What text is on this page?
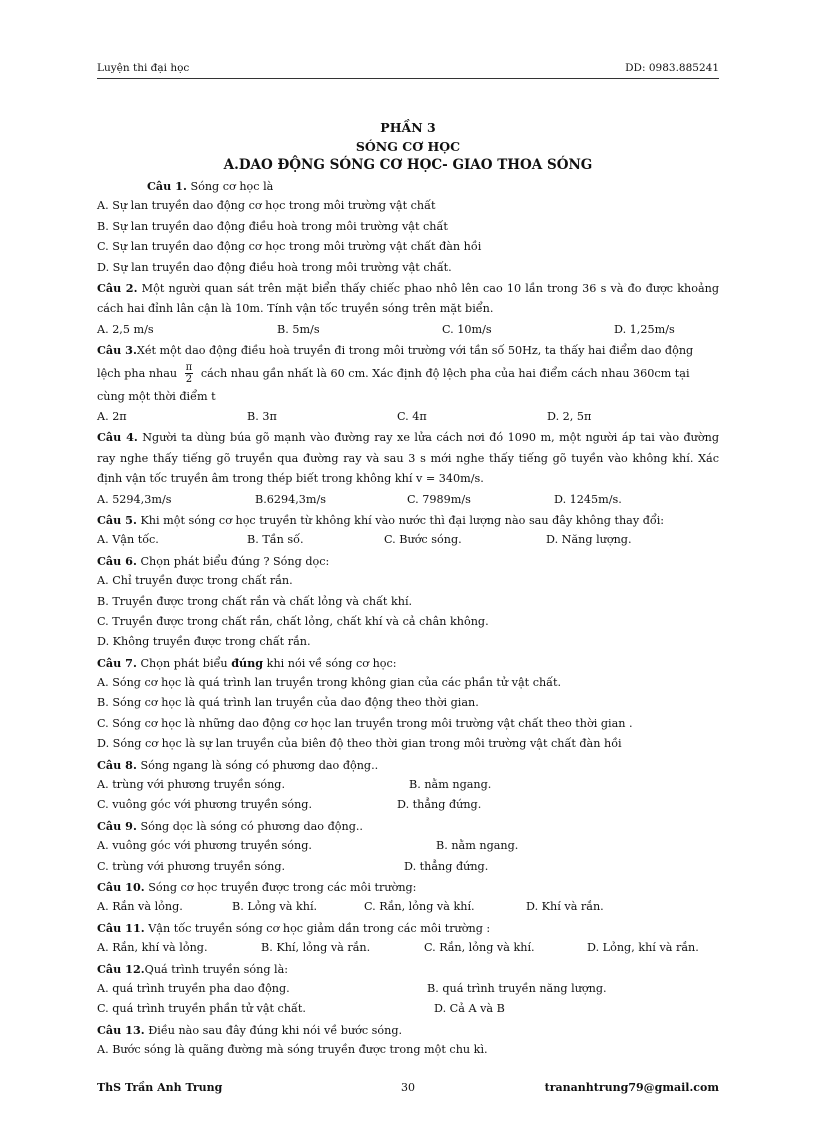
Luyện thi đại học	DD: 0983.885241
PHẦN 3
SÓNG CƠ HỌC
A.DAO ĐỘNG SÓNG CƠ HỌC- GIAO THOA SÓNG
Câu 1. Sóng cơ học là
A. Sự lan truyền dao động cơ học trong môi trường vật chất
B. Sự lan truyền dao động điều hoà trong môi trường vật chất
C. Sự lan truyền dao động cơ học trong môi trường vật chất đàn hồi
D. Sự lan truyền dao động điều hoà trong môi trường vật chất.
Câu 2. Một người quan sát trên mặt biển thấy chiếc phao nhô lên cao 10 lần trong 36 s và đo được khoảng cách hai đỉnh lân cận là 10m. Tính vận tốc truyền sóng trên mặt biển.
A. 2,5 m/s	B. 5m/s	C. 10m/s	D. 1,25m/s
Câu 3.Xét một dao động điều hoà truyền đi trong môi trường với tần số 50Hz, ta thấy hai điểm dao động
lệch pha nhau $\frac{\pi}{2}$ cách nhau gần nhất là 60 cm. Xác định độ lệch pha của hai điểm cách nhau 360cm tại
cùng một thời điểm t
A. 2π	B. 3π	C. 4π	D. 2, 5π
Câu 4. Người ta dùng búa gõ mạnh vào đường ray xe lửa cách nơi đó 1090 m, một người áp tai vào đường ray nghe thấy tiếng gõ truyền qua đường ray và sau 3 s mới nghe thấy tiếng gõ tuyền vào không khí. Xác định vận tốc truyền âm trong thép biết trong không khí v = 340m/s.
A. 5294,3m/s	B.6294,3m/s	C. 7989m/s	D. 1245m/s.
Câu 5. Khi một sóng cơ học truyền từ không khí vào nước thì đại lượng nào sau đây không thay đổi:
A. Vận tốc.	B. Tần số.	C. Bước sóng.	D. Năng lượng.
Câu 6. Chọn phát biểu đúng ? Sóng dọc:
A. Chỉ truyền được trong chất rắn.
B. Truyền được trong chất rắn và chất lỏng và chất khí.
C. Truyền được trong chất rắn, chất lỏng, chất khí và cả chân không.
D. Không truyền được trong chất rắn.
Câu 7. Chọn phát biểu đúng khi nói về sóng cơ học:
A. Sóng cơ học là quá trình lan truyền trong không gian của các phần tử vật chất.
B. Sóng cơ học là quá trình lan truyền của dao động theo thời gian.
C. Sóng cơ học là những dao động cơ học lan truyền trong môi trường vật chất theo thời gian .
D. Sóng cơ học là sự lan truyền của biên độ theo thời gian trong môi trường vật chất đàn hồi
Câu 8. Sóng ngang là sóng có phương dao động..
A. trùng với phương truyền sóng.	B. nằm ngang.
C. vuông góc với phương truyền sóng.	D. thẳng đứng.
Câu 9. Sóng dọc là sóng có phương dao động..
A. vuông góc với phương truyền sóng.	B. nằm ngang.
C. trùng với phương truyền sóng.	D. thẳng đứng.
Câu 10. Sóng cơ học truyền được trong các môi trường:
A. Rắn và lỏng.	B. Lỏng và khí.	C. Rắn, lỏng và khí.	D. Khí và rắn.
Câu 11. Vận tốc truyền sóng cơ học giảm dần trong các môi trường :
A. Rắn, khí và lỏng.	B. Khí, lỏng và rắn.	C. Rắn, lỏng và khí.	D. Lỏng, khí và rắn.
Câu 12.Quá trình truyền sóng là:
A. quá trình truyền pha dao động.	B. quá trình truyền năng lượng.
C. quá trình truyền phần tử vật chất.	D. Cả A và B
Câu 13. Điều nào sau đây đúng khi nói về bước sóng.
A. Bước sóng là quãng đường mà sóng truyền được trong một chu kì.
ThS Trần Anh Trung	30	trananhtrung79@gmail.com
